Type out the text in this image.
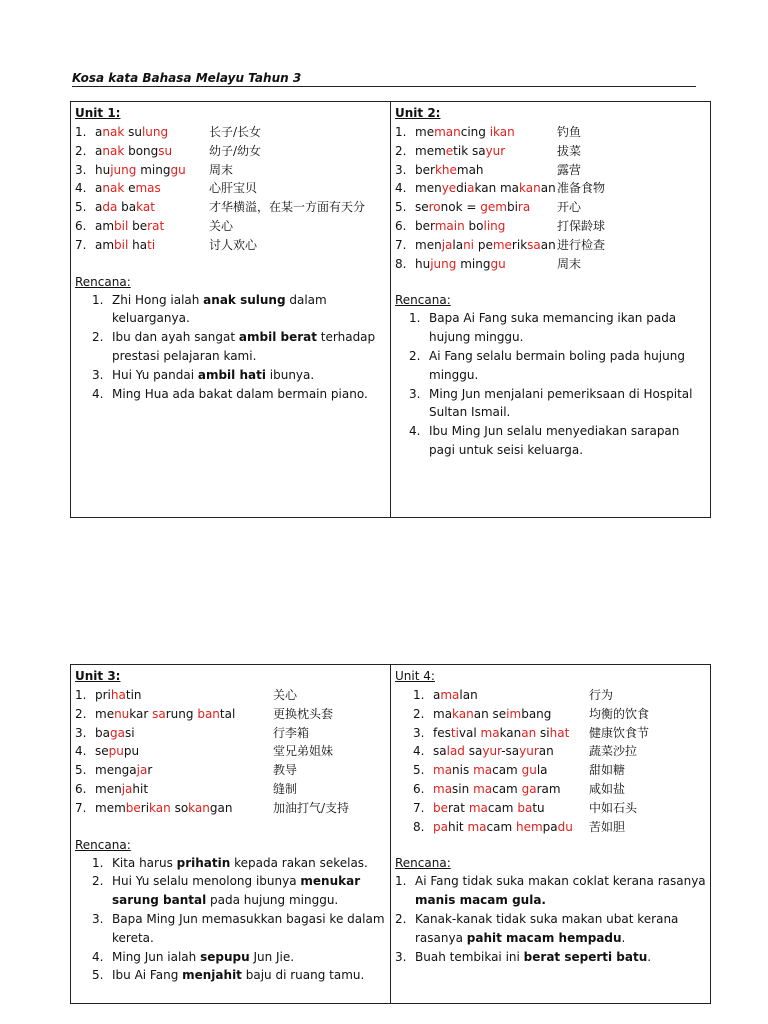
Kosa kata Bahasa Melayu Tahun 3
Unit 1:
1. anak sulung	长子/长女
2. anak bongsu	幼子/幼女
3. hujung minggu	周末
4. anak emas	心肝宝贝
5. ada bakat	才华横溢，在某一方面有天分
6. ambil berat	关心
7. ambil hati	讨人欢心
Rencana:
1. Zhi Hong ialah anak sulung dalam keluarganya.
2. Ibu dan ayah sangat ambil berat terhadap prestasi pelajaran kami.
3. Hui Yu pandai ambil hati ibunya.
4. Ming Hua ada bakat dalam bermain piano.

Unit 2:
1. memancing ikan	钓鱼
2. memetik sayur	拔菜
3. berkhemah	露营
4. menyediakan makanan 准备食物
5. seronok = gembira	开心
6. bermain boling	打保龄球
7. menjalani pemeriksaan 进行检查
8. hujung minggu	周末
Rencana:
1. Bapa Ai Fang suka memancing ikan pada hujung minggu.
2. Ai Fang selalu bermain boling pada hujung minggu.
3. Ming Jun menjalani pemeriksaan di Hospital Sultan Ismail.
4. Ibu Ming Jun selalu menyediakan sarapan pagi untuk seisi keluarga.
Unit 3:
1. prihatin	关心
2. menukar sarung bantal	更换枕头套
3. bagasi	行李箱
4. sepupu	堂兄弟姐妹
5. mengajar	教导
6. menjahit	缝制
7. memberikan sokangan	加油打气/支持
Rencana:
1. Kita harus prihatin kepada rakan sekelas.
2. Hui Yu selalu menolong ibunya menukar sarung bantal pada hujung minggu.
3. Bapa Ming Jun memasukkan bagasi ke dalam kereta.
4. Ming Jun ialah sepupu Jun Jie.
5. Ibu Ai Fang menjahit baju di ruang tamu.

Unit 4:
1. amalan	行为
2. makanan seimbang	均衡的饮食
3. festival makanan sihat	健康饮食节
4. salad sayur-sayuran	蔬菜沙拉
5. manis macam gula	甜如糖
6. masin macam garam	咸如盐
7. berat macam batu	中如石头
8. pahit macam hempadu	苦如胆
Rencana:
1. Ai Fang tidak suka makan coklat kerana rasanya manis macam gula.
2. Kanak-kanak tidak suka makan ubat kerana rasanya pahit macam hempadu.
3. Buah tembikai ini berat seperti batu.
